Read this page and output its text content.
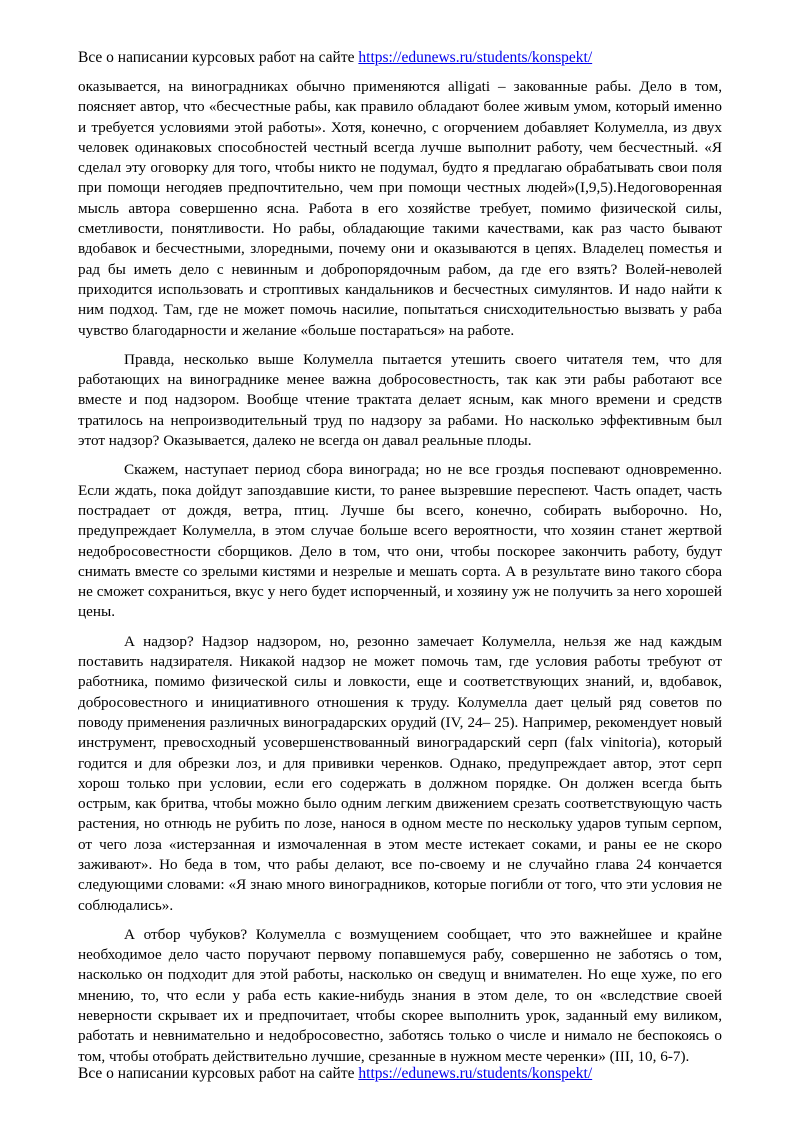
Все о написании курсовых работ на сайте https://edunews.ru/students/konspekt/

оказывается, на виноградниках обычно применяются alligati – закованные рабы. Дело в том, поясняет автор, что «бесчестные рабы, как правило обладают более живым умом, который именно и требуется условиями этой работы». Хотя, конечно, с огорчением добавляет Колумелла, из двух человек одинаковых способностей честный всегда лучше выполнит работу, чем бесчестный. «Я сделал эту оговорку для того, чтобы никто не подумал, будто я предлагаю обрабатывать свои поля при помощи негодяев предпочтительно, чем при помощи честных людей»(I,9,5).Недоговоренная мысль автора совершенно ясна. Работа в его хозяйстве требует, помимо физической силы, сметливости, понятливости. Но рабы, обладающие такими качествами, как раз часто бывают вдобавок и бесчестными, злоредными, почему они и оказываются в цепях. Владелец поместья и рад бы иметь дело с невинным и добропорядочным рабом, да где его взять? Волей-неволей приходится использовать и строптивых кандальников и бесчестных симулянтов. И надо найти к ним подход. Там, где не может помочь насилие, попытаться снисходительностью вызвать у раба чувство благодарности и желание «больше постараться» на работе.

Правда, несколько выше Колумелла пытается утешить своего читателя тем, что для работающих на винограднике менее важна добросовестность, так как эти рабы работают все вместе и под надзором. Вообще чтение трактата делает ясным, как много времени и средств тратилось на непроизводительный труд по надзору за рабами. Но насколько эффективным был этот надзор? Оказывается, далеко не всегда он давал реальные плоды.

Скажем, наступает период сбора винограда; но не все гроздья поспевают одновременно. Если ждать, пока дойдут запоздавшие кисти, то ранее вызревшие переспеют. Часть опадет, часть пострадает от дождя, ветра, птиц. Лучше бы всего, конечно, собирать выборочно. Но, предупреждает Колумелла, в этом случае больше всего вероятности, что хозяин станет жертвой недобросовестности сборщиков. Дело в том, что они, чтобы поскорее закончить работу, будут снимать вместе со зрелыми кистями и незрелые и мешать сорта. А в результате вино такого сбора не сможет сохраниться, вкус у него будет испорченный, и хозяину уж не получить за него хорошей цены.

А надзор? Надзор надзором, но, резонно замечает Колумелла, нельзя же над каждым поставить надзирателя. Никакой надзор не может помочь там, где условия работы требуют от работника, помимо физической силы и ловкости, еще и соответствующих знаний, и, вдобавок, добросовестного и инициативного отношения к труду. Колумелла дает целый ряд советов по поводу применения различных виноградарских орудий (IV, 24– 25). Например, рекомендует новый инструмент, превосходный усовершенствованный виноградарский серп (falx vinitoria), который годится и для обрезки лоз, и для прививки черенков. Однако, предупреждает автор, этот серп хорош только при условии, если его содержать в должном порядке. Он должен всегда быть острым, как бритва, чтобы можно было одним легким движением срезать соответствующую часть растения, но отнюдь не рубить по лозе, нанося в одном месте по нескольку ударов тупым серпом, от чего лоза «истерзанная и измочаленная в этом месте истекает соками, и раны ее не скоро заживают». Но беда в том, что рабы делают, все по-своему и не случайно глава 24 кончается следующими словами: «Я знаю много виноградников, которые погибли от того, что эти условия не соблюдались».

А отбор чубуков? Колумелла с возмущением сообщает, что это важнейшее и крайне необходимое дело часто поручают первому попавшемуся рабу, совершенно не заботясь о том, насколько он подходит для этой работы, насколько он сведущ и внимателен. Но еще хуже, по его мнению, то, что если у раба есть какие-нибудь знания в этом деле, то он «вследствие своей неверности скрывает их и предпочитает, чтобы скорее выполнить урок, заданный ему виликом, работать и невнимательно и недобросовестно, заботясь только о числе и нимало не беспокоясь о том, чтобы отобрать действительно лучшие, срезанные в нужном месте черенки» (III, 10, 6-7).

Все о написании курсовых работ на сайте https://edunews.ru/students/konspekt/
